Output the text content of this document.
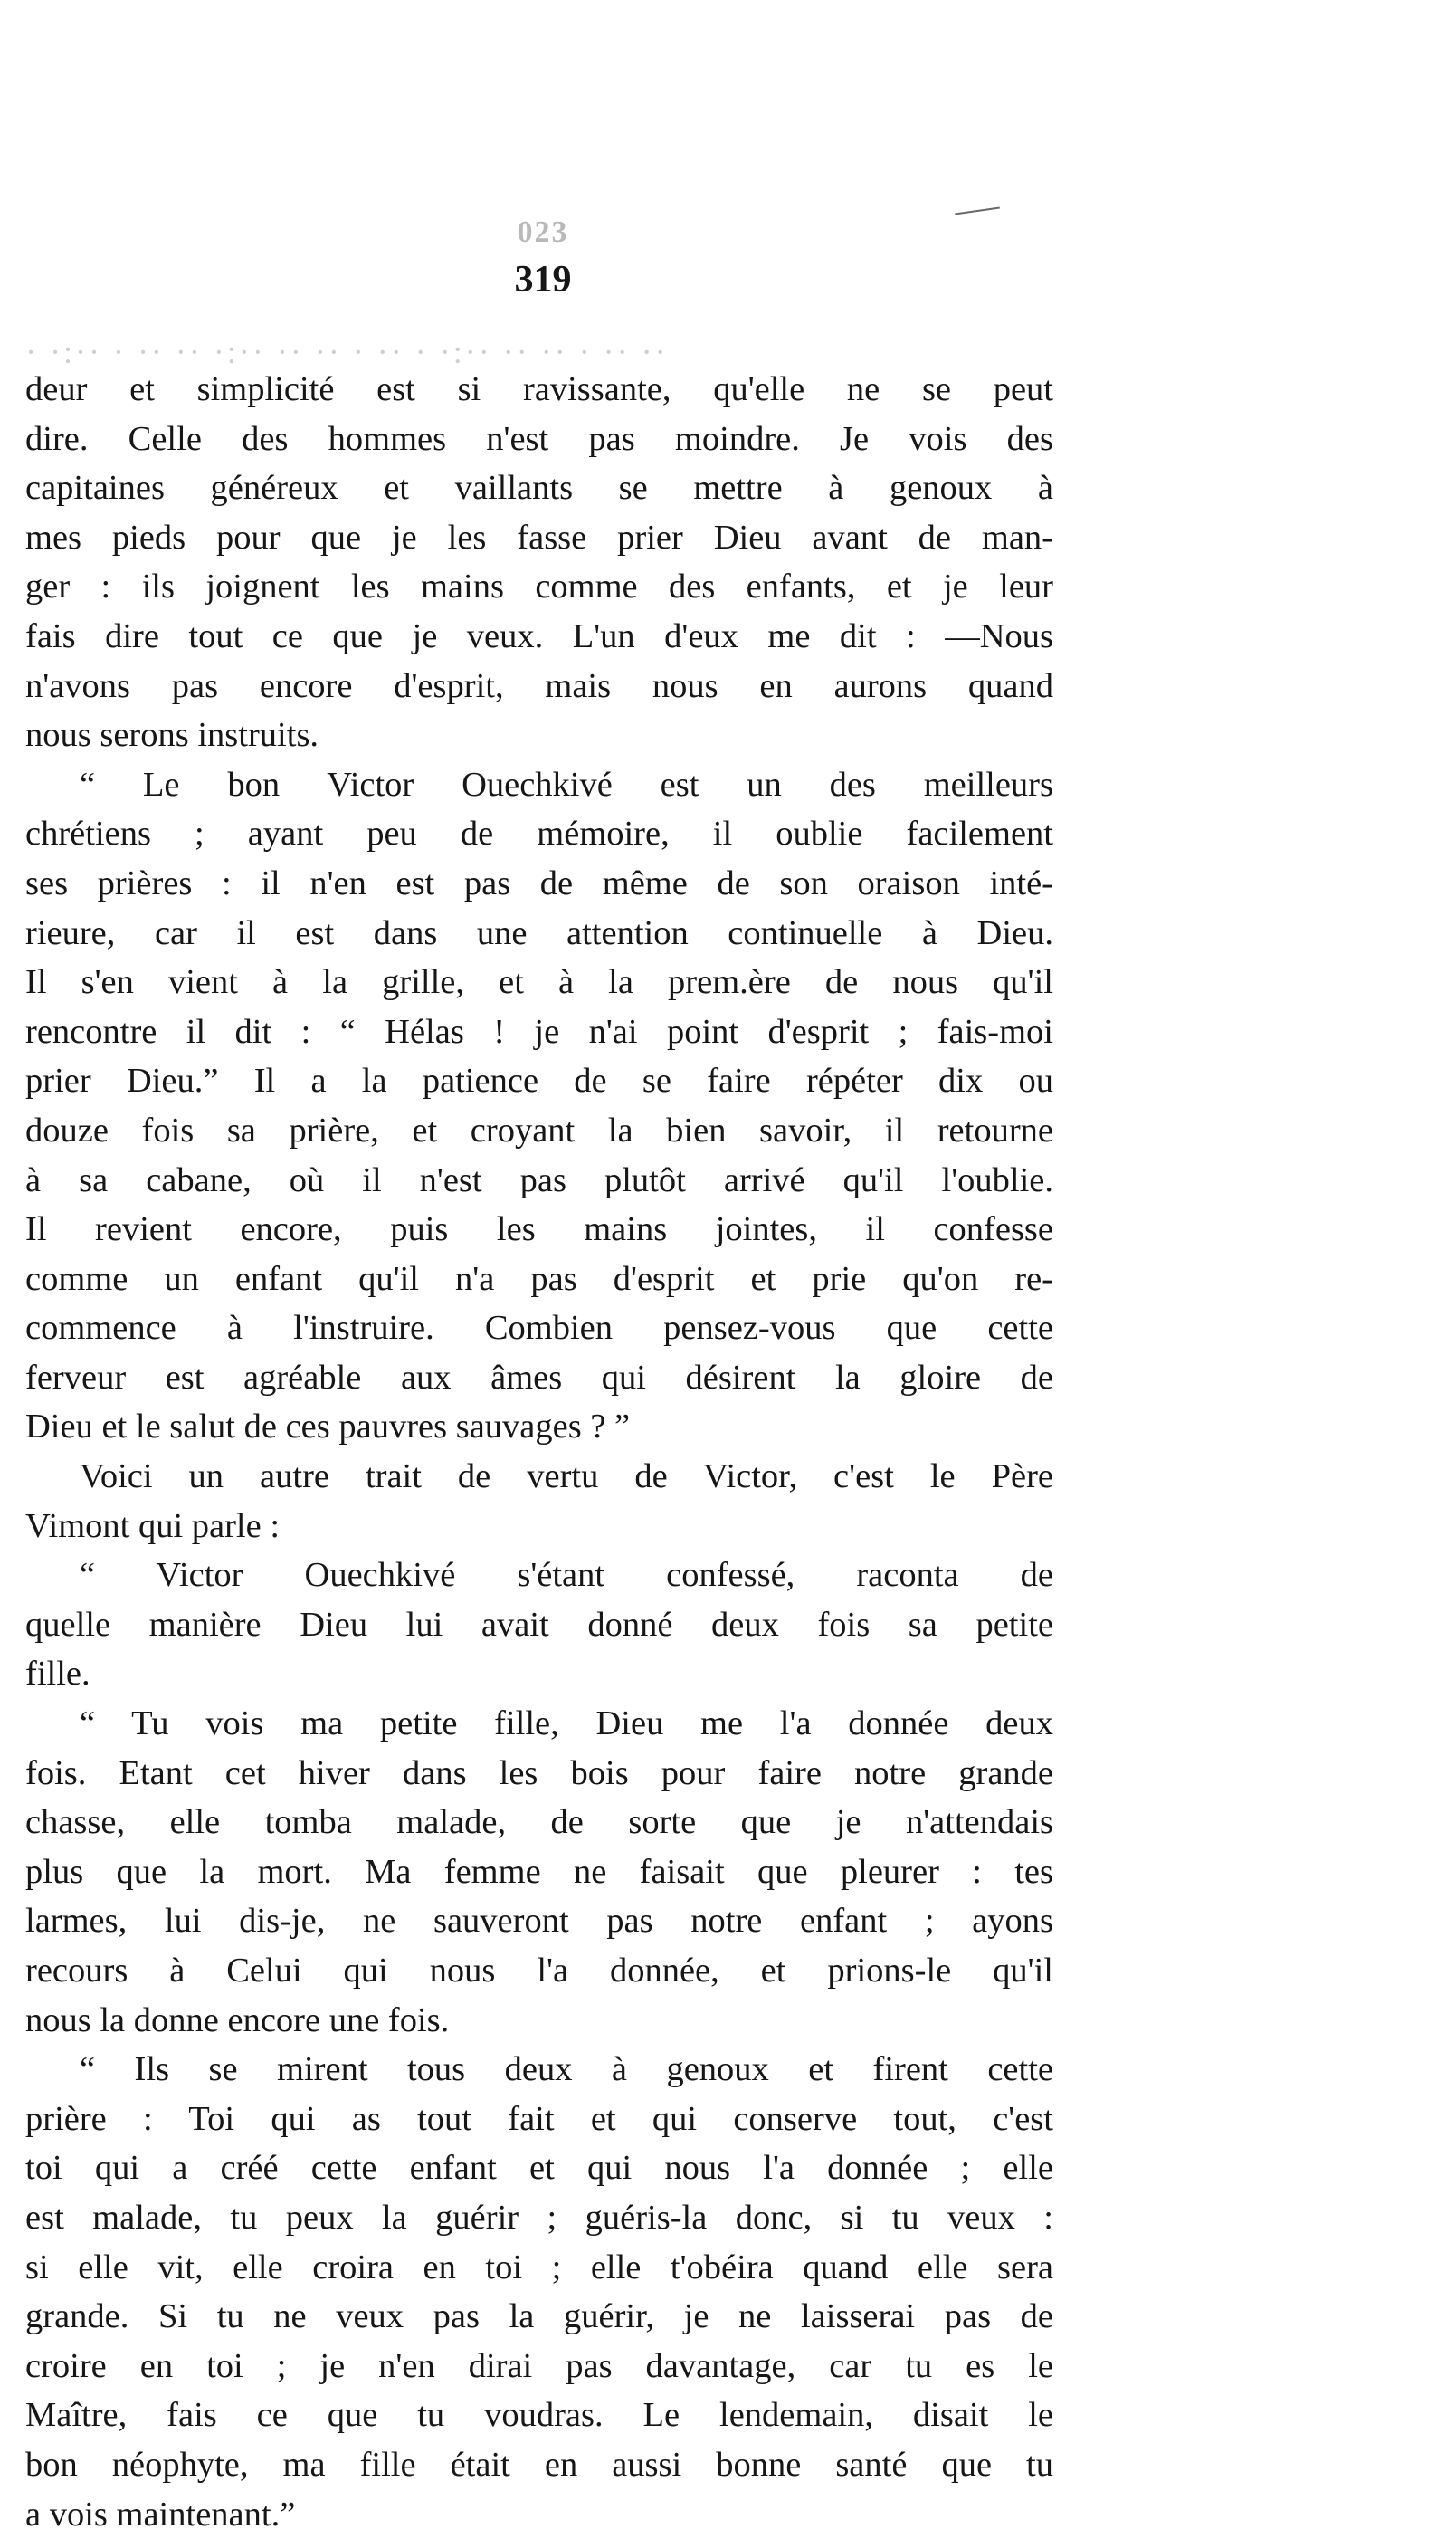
023
319
· ·:·· · ·· ·· ·:·· ·· ·· · ·· · ·:·· ·· ·· · ·· ··
deur et simplicité est si ravissante, qu'elle ne se peut
dire. Celle des hommes n'est pas moindre. Je vois des
capitaines généreux et vaillants se mettre à genoux à
mes pieds pour que je les fasse prier Dieu avant de man-
ger : ils joignent les mains comme des enfants, et je leur
fais dire tout ce que je veux. L'un d'eux me dit : —Nous
n'avons pas encore d'esprit, mais nous en aurons quand
nous serons instruits.
“ Le bon Victor Ouechkivé est un des meilleurs
chrétiens ; ayant peu de mémoire, il oublie facilement
ses prières : il n'en est pas de même de son oraison inté-
rieure, car il est dans une attention continuelle à Dieu.
Il s'en vient à la grille, et à la prem.ère de nous qu'il
rencontre il dit : “ Hélas ! je n'ai point d'esprit ; fais-moi
prier Dieu.” Il a la patience de se faire répéter dix ou
douze fois sa prière, et croyant la bien savoir, il retourne
à sa cabane, où il n'est pas plutôt arrivé qu'il l'oublie.
Il revient encore, puis les mains jointes, il confesse
comme un enfant qu'il n'a pas d'esprit et prie qu'on re-
commence à l'instruire. Combien pensez-vous que cette
ferveur est agréable aux âmes qui désirent la gloire de
Dieu et le salut de ces pauvres sauvages ? ”
Voici un autre trait de vertu de Victor, c'est le Père
Vimont qui parle :
“ Victor Ouechkivé s'étant confessé, raconta de
quelle manière Dieu lui avait donné deux fois sa petite
fille.
“ Tu vois ma petite fille, Dieu me l'a donnée deux
fois. Etant cet hiver dans les bois pour faire notre grande
chasse, elle tomba malade, de sorte que je n'attendais
plus que la mort. Ma femme ne faisait que pleurer : tes
larmes, lui dis-je, ne sauveront pas notre enfant ; ayons
recours à Celui qui nous l'a donnée, et prions-le qu'il
nous la donne encore une fois.
“ Ils se mirent tous deux à genoux et firent cette
prière : Toi qui as tout fait et qui conserve tout, c'est
toi qui a créé cette enfant et qui nous l'a donnée ; elle
est malade, tu peux la guérir ; guéris-la donc, si tu veux :
si elle vit, elle croira en toi ; elle t'obéira quand elle sera
grande. Si tu ne veux pas la guérir, je ne laisserai pas de
croire en toi ; je n'en dirai pas davantage, car tu es le
Maître, fais ce que tu voudras. Le lendemain, disait le
bon néophyte, ma fille était en aussi bonne santé que tu
a vois maintenant.”
